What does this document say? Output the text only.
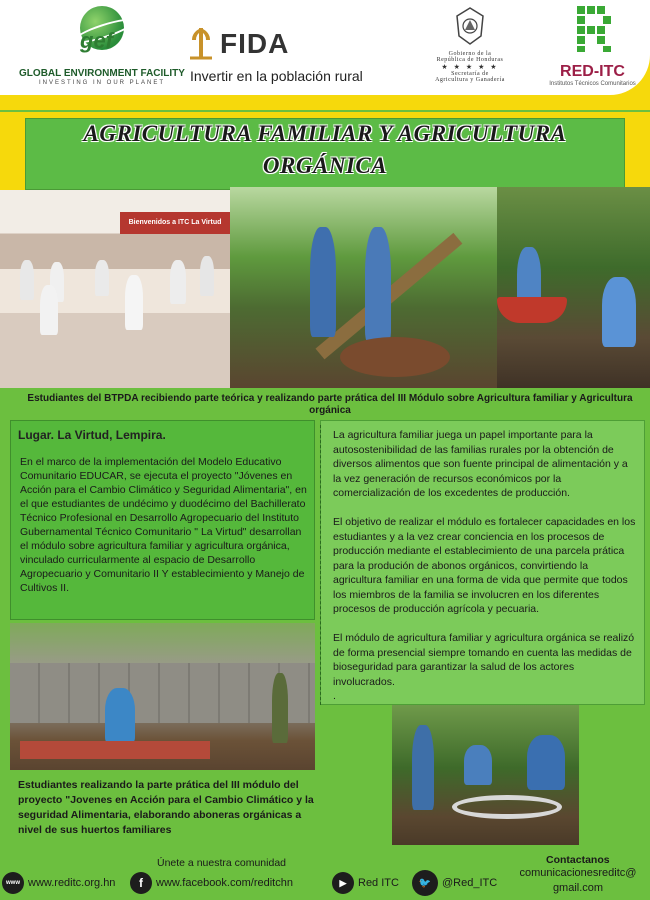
gef
GLOBAL ENVIRONMENT FACILITY
INVESTING IN OUR PLANET
FIDA
Invertir en la población rural
Gobierno de la
República de Honduras
★ ★ ★ ★ ★
Secretaría de
Agricultura y Ganadería	RED-ITC
Institutos Técnicos Comunitarios
AGRICULTURA FAMILIAR Y AGRICULTURA
ORGÁNICA
Bienvenidos a ITC La Virtud
Estudiantes del BTPDA recibiendo parte teórica y realizando parte prática del III Módulo sobre Agricultura familiar y Agricultura orgánica
Lugar. La Virtud, Lempira.
En el marco de la implementación del Modelo Educativo Comunitario EDUCAR, se ejecuta el proyecto "Jóvenes en Acción para el Cambio Climático y Seguridad Alimentaria", en el que estudiantes de undécimo y duodécimo del Bachillerato Técnico Profesional en Desarrollo Agropecuario del Instituto Gubernamental Técnico Comunitario " La Virtud" desarrollan el módulo sobre agricultura familiar y agricultura orgánica, vinculado curricularmente al espacio de Desarrollo Agropecuario y Comunitario II Y establecimiento y Manejo de Cultivos II.

La agricultura familiar juega un papel importante para la autosostenibilidad de las familias rurales por la obtención de diversos alimentos que son fuente principal de alimentación y a la vez generación de recursos económicos por la comercialización de los excedentes de producción.

El objetivo de realizar el módulo es fortalecer capacidades en los estudiantes y a la vez crear conciencia en los procesos de producción mediante el establecimiento de una parcela prática para la produción de abonos orgánicos, convirtiendo la agricultura familiar en una forma de vida que permite que todos los miembros de la familia se involucren en los diferentes procesos de producción agrícola y pecuaria.

El módulo de agricultura familiar y agricultura orgánica se realizó de forma presencial siempre tomando en cuenta las medidas de bioseguridad para garantizar la salud de los actores involucrados.

.

Estudiantes realizando la parte prática del III módulo del proyecto "Jovenes en Acción para el Cambio Climático y la seguridad Alimentaria, elaborando aboneras orgánicas a nivel de sus huertos familiares
Únete a nuestra comunidad	Contactanos
www www.reditc.org.hn	f	www.facebook.com/reditchn	▶	Red ITC	🐦 @Red_ITC
comunicacionesreditc@ gmail.com
